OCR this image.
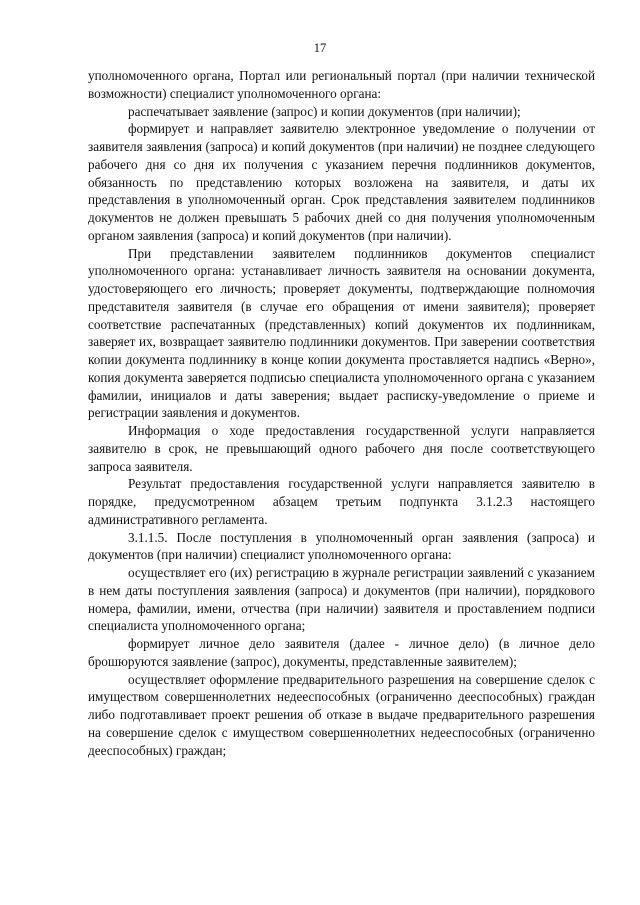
17

уполномоченного органа, Портал или региональный портал (при наличии технической возможности) специалист уполномоченного органа:

распечатывает заявление (запрос) и копии документов (при наличии);

формирует и направляет заявителю электронное уведомление о получении от заявителя заявления (запроса) и копий документов (при наличии) не позднее следующего рабочего дня со дня их получения с указанием перечня подлинников документов, обязанность по представлению которых возложена на заявителя, и даты их представления в уполномоченный орган. Срок представления заявителем подлинников документов не должен превышать 5 рабочих дней со дня получения уполномоченным органом заявления (запроса) и копий документов (при наличии).

При представлении заявителем подлинников документов специалист уполномоченного органа: устанавливает личность заявителя на основании документа, удостоверяющего его личность; проверяет документы, подтверждающие полномочия представителя заявителя (в случае его обращения от имени заявителя); проверяет соответствие распечатанных (представленных) копий документов их подлинникам, заверяет их, возвращает заявителю подлинники документов. При заверении соответствия копии документа подлиннику в конце копии документа проставляется надпись «Верно», копия документа заверяется подписью специалиста уполномоченного органа с указанием фамилии, инициалов и даты заверения; выдает расписку-уведомление о приеме и регистрации заявления и документов.

Информация о ходе предоставления государственной услуги направляется заявителю в срок, не превышающий одного рабочего дня после соответствующего запроса заявителя.

Результат предоставления государственной услуги направляется заявителю в порядке, предусмотренном абзацем третьим подпункта 3.1.2.3 настоящего административного регламента.

3.1.1.5. После поступления в уполномоченный орган заявления (запроса) и документов (при наличии) специалист уполномоченного органа:

осуществляет его (их) регистрацию в журнале регистрации заявлений с указанием в нем даты поступления заявления (запроса) и документов (при наличии), порядкового номера, фамилии, имени, отчества (при наличии) заявителя и проставлением подписи специалиста уполномоченного органа;

формирует личное дело заявителя (далее - личное дело) (в личное дело брошюруются заявление (запрос), документы, представленные заявителем);

осуществляет оформление предварительного разрешения на совершение сделок с имуществом совершеннолетних недееспособных (ограниченно дееспособных) граждан либо подготавливает проект решения об отказе в выдаче предварительного разрешения на совершение сделок с имуществом совершеннолетних недееспособных (ограниченно дееспособных) граждан;
